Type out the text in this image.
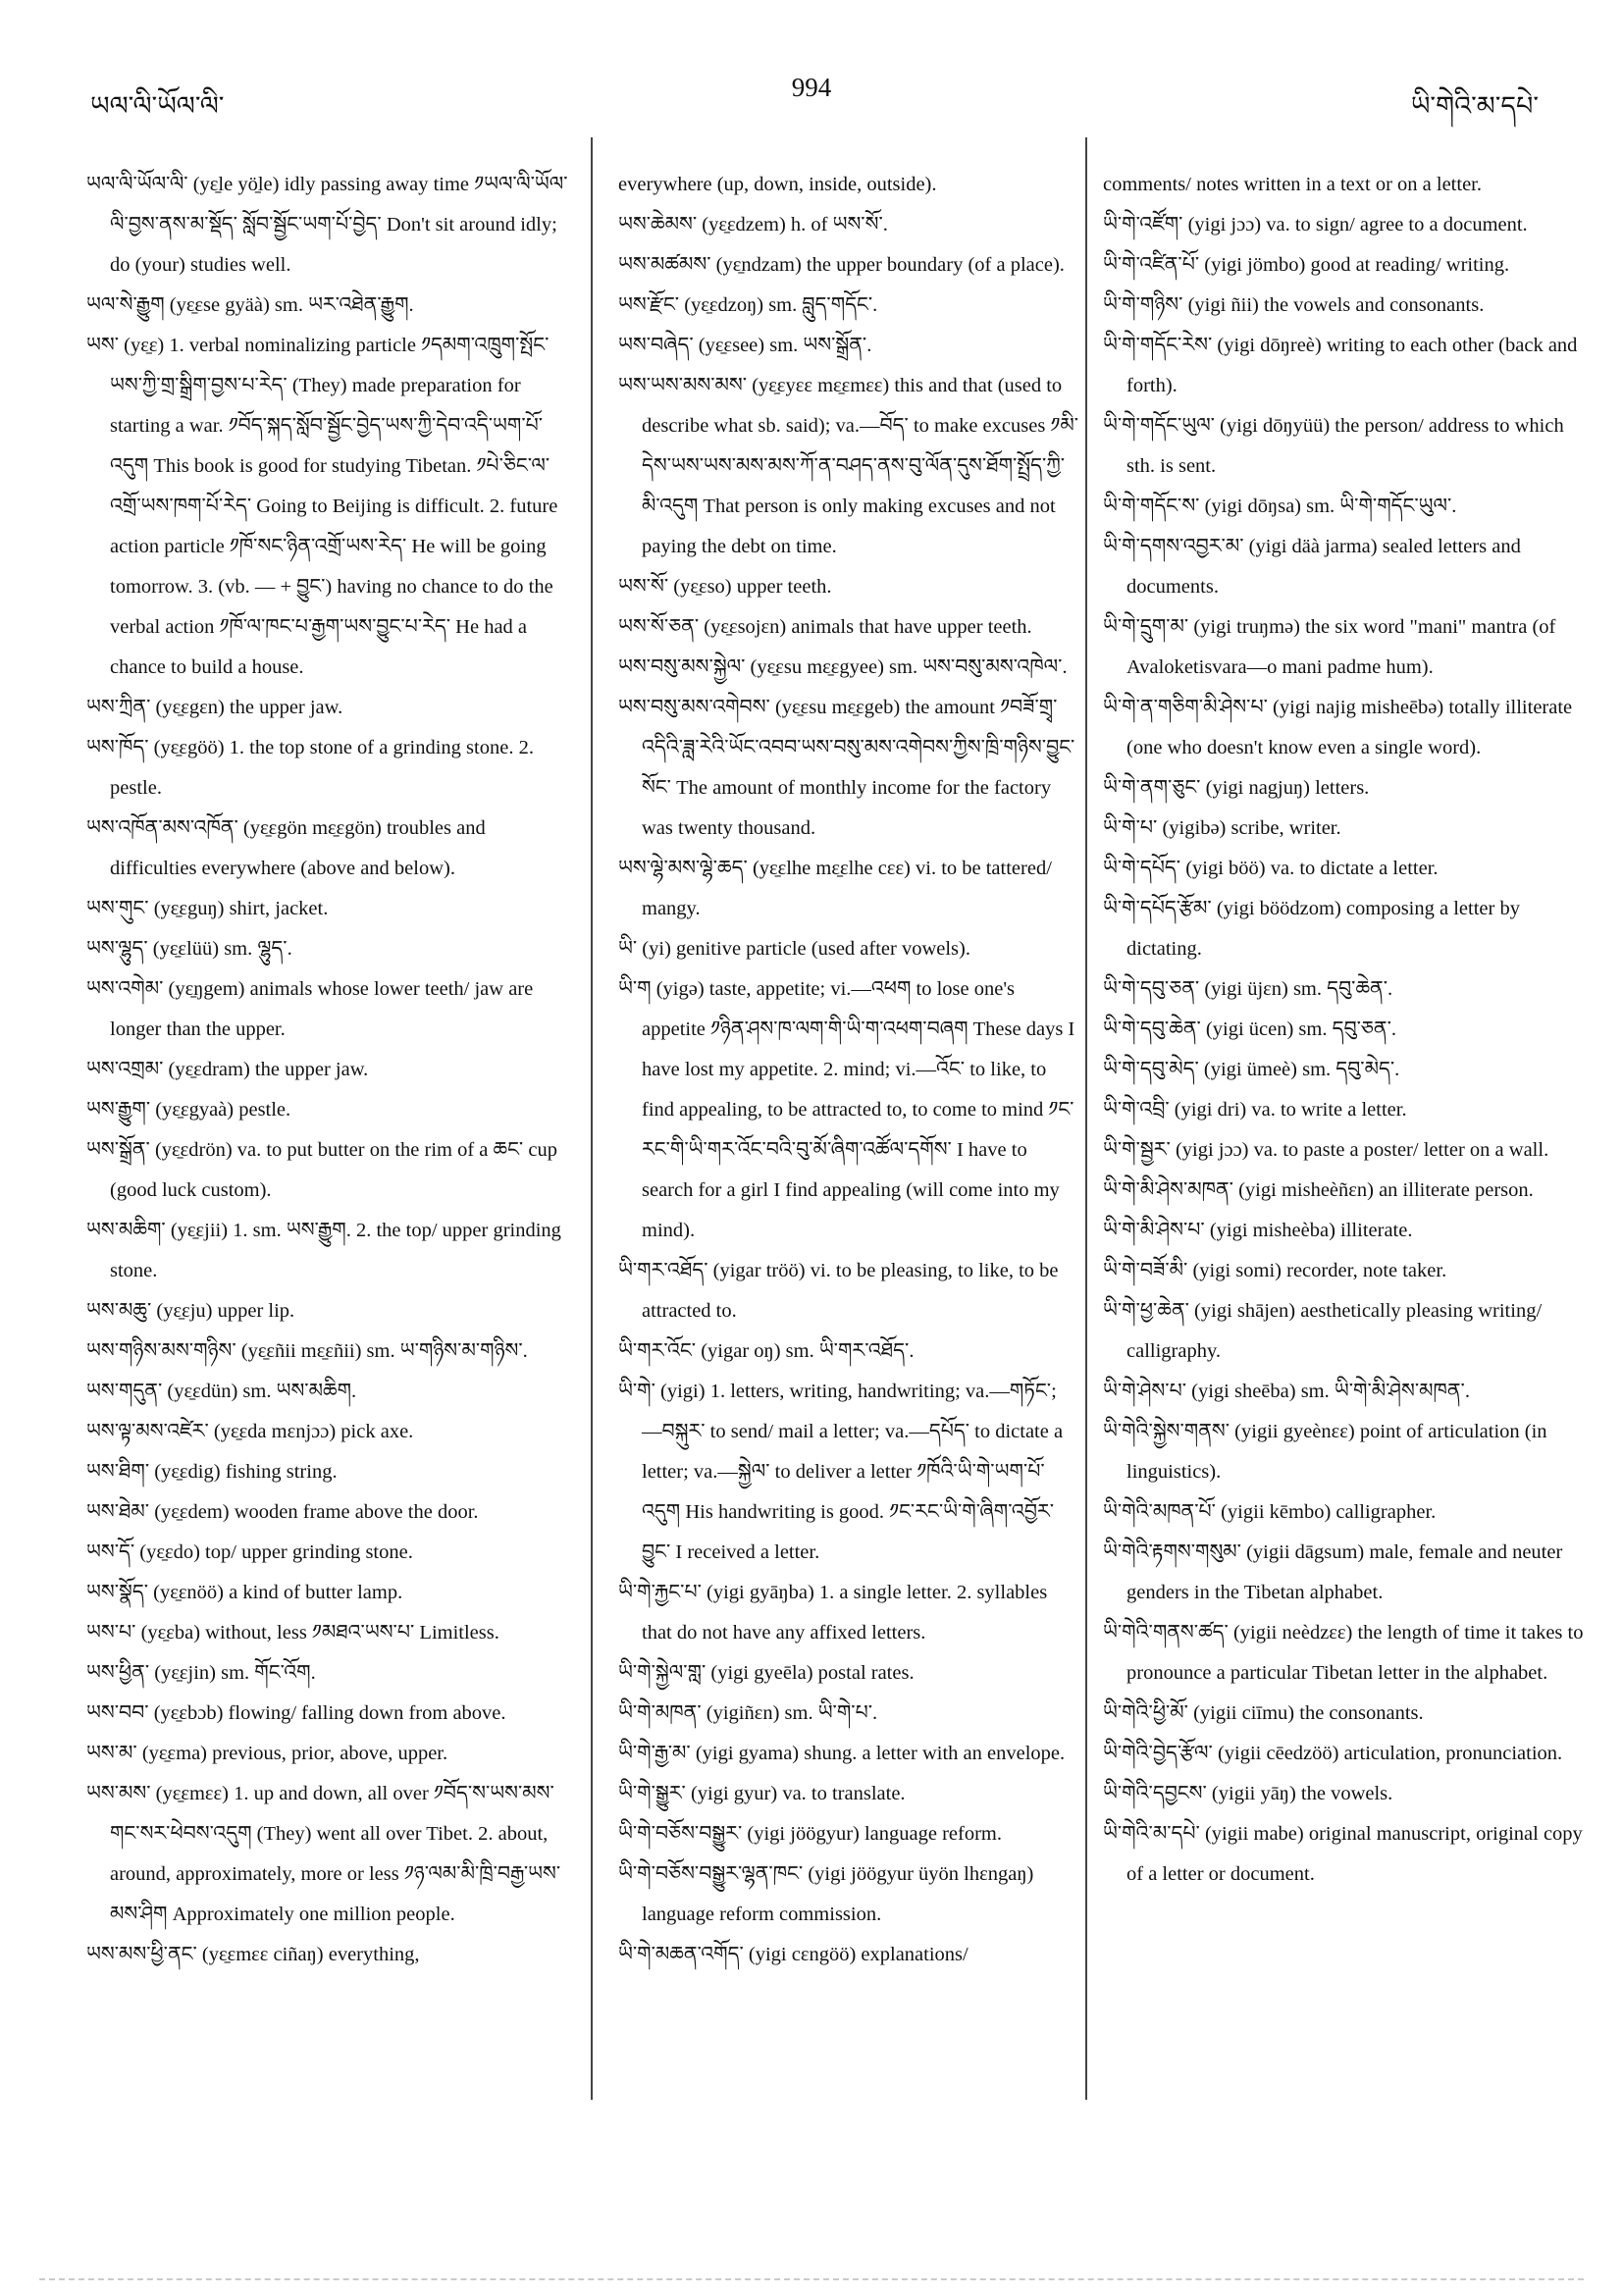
ཡལ་ལི་ཡོལ་ལི་
994
ཡི་གེའི་མ་དཔེ་
ཡལ་ལི་ཡོལ་ལི་ (yɛ̱le yö̱le) idly passing away time ༡ཡལ་ལི་ཡོལ་ལི་བྱས་ནས་མ་སྡོད་ སློབ་སྦྱོང་ཡག་པོ་བྱེད་ Don't sit around idly; do (your) studies well.
ཡལ་སེ་རྒྱུག (yɛ̱ɛse gyäà) sm. ཡར་འཐེན་རྒྱུག.
ཡས་ (yɛ̱ɛ) 1. verbal nominalizing particle ༡དམག་འཁྲུག་སྤོང་ཡས་ཀྱི་གྲ་སྒྲིག་བྱས་པ་རེད་ (They) made preparation for starting a war. ༡བོད་སྐད་སློབ་སྦྱོང་བྱེད་ཡས་ཀྱི་དེབ་འདི་ཡག་པོ་འདུག This book is good for studying Tibetan. ༡པེ་ཅིང་ལ་འགྲོ་ཡས་ཁག་པོ་རེད་ Going to Beijing is difficult. 2. future action particle ༡ཁོ་སང་ཉིན་འགྲོ་ཡས་རེད་ He will be going tomorrow. 3. (vb. — + བྱུང་) having no chance to do the verbal action ༡ཁོ་ལ་ཁང་པ་རྒྱག་ཡས་བྱུང་པ་རེད་ He had a chance to build a house.
ཡས་ཀྲིན་ (yɛ̱ɛgɛn) the upper jaw.
ཡས་ཁོད་ (yɛ̱ɛgöö) 1. the top stone of a grinding stone. 2. pestle.
ཡས་འཁོན་མས་འཁོན་ (yɛ̱ɛgön mɛ̱ɛgön) troubles and difficulties everywhere (above and below).
ཡས་གུང་ (yɛ̱ɛguŋ) shirt, jacket.
ཡས་ལྷུད་ (yɛ̱ɛlüü) sm. ལྷུད་.
ཡས་འགེམ་ (yɛ̱ŋgem) animals whose lower teeth/ jaw are longer than the upper.
ཡས་འགྲམ་ (yɛ̱ɛdram) the upper jaw.
ཡས་རྒྱུག་ (yɛ̱ɛgyaà) pestle.
ཡས་སྒྲོན་ (yɛ̱ɛdrön) va. to put butter on the rim of a ཆང་ cup (good luck custom).
ཡས་མཆིག་ (yɛ̱ɛjii) 1. sm. ཡས་རྒྱུག. 2. the top/ upper grinding stone.
ཡས་མཆུ་ (yɛ̱ɛju) upper lip.
ཡས་གཉིས་མས་གཉིས་ (yɛ̱ɛñii mɛ̱ɛñii) sm. ཡ་གཉིས་མ་གཉིས་.
ཡས་གདུན་ (yɛ̱ɛdün) sm. ཡས་མཆིག.
ཡས་ལྟ་མས་འཛེར་ (yɛ̱ɛda mɛnjɔɔ) pick axe.
ཡས་ཐིག་ (yɛ̱ɛdig) fishing string.
ཡས་ཐེམ་ (yɛ̱ɛdem) wooden frame above the door.
ཡས་དོ་ (yɛ̱ɛdo) top/ upper grinding stone.
ཡས་སྣོད་ (yɛ̱ɛnöö) a kind of butter lamp.
ཡས་པ་ (yɛ̱ɛba) without, less ༡མཐའ་ཡས་པ་ Limitless.
ཡས་ཕྱིན་ (yɛ̱ɛjin) sm. གོང་འོག.
ཡས་བབ་ (yɛ̱ɛbɔb) flowing/ falling down from above.
ཡས་མ་ (yɛ̱ɛma) previous, prior, above, upper.
ཡས་མས་ (yɛ̱ɛmɛɛ) 1. up and down, all over ༡བོད་ས་ཡས་མས་གང་སར་ཕེབས་འདུག (They) went all over Tibet. 2. about, around, approximately, more or less ༡ཉ་ལམ་མི་ཁྲི་བརྒྱ་ཡས་མས་ཤིག Approximately one million people.
ཡས་མས་ཕྱི་ནང་ (yɛ̱ɛmɛɛ ciñaŋ) everything,
everywhere (up, down, inside, outside).
ཡས་ཆེམས་ (yɛ̱ɛdzem) h. of ཡས་སོ་.
ཡས་མཚམས་ (yɛ̱ndzam) the upper boundary (of a place).
ཡས་རྫོང་ (yɛ̱ɛdzoŋ) sm. བླུད་གདོང་.
ཡས་བཞེད་ (yɛ̱ɛsee) sm. ཡས་སྒྲོན་.
ཡས་ཡས་མས་མས་ (yɛ̱ɛyɛɛ mɛ̱ɛmɛɛ) this and that (used to describe what sb. said); va.—བོད་ to make excuses ༡མི་དེས་ཡས་ཡས་མས་མས་ཀོ་ན་བཤད་ནས་བུ་ལོན་དུས་ཐོག་སྤྲོད་ཀྱི་མི་འདུག That person is only making excuses and not paying the debt on time.
ཡས་སོ་ (yɛ̱ɛso) upper teeth.
ཡས་སོ་ཅན་ (yɛ̱ɛsojɛn) animals that have upper teeth.
ཡས་བསུ་མས་སྐྱེལ་ (yɛ̱ɛsu mɛ̱ɛgyee) sm. ཡས་བསུ་མས་འཁེལ་.
ཡས་བསུ་མས་འགེབས་ (yɛ̱ɛsu mɛ̱ɛgeb) the amount ༡བཟོ་གྲྭ་འདིའི་ཟླ་རེའི་ཡོང་འབབ་ཡས་བསུ་མས་འགེབས་ཀྱིས་ཁྲི་གཉིས་བྱུང་སོང་ The amount of monthly income for the factory was twenty thousand.
ཡས་ལྷེ་མས་ལྷེ་ཆད་ (yɛ̱ɛlhe mɛ̱ɛlhe cɛɛ) vi. to be tattered/ mangy.
ཡི་ (yi) genitive particle (used after vowels).
ཡི་ག (yigə) taste, appetite; vi.—འཕག to lose one's appetite ༡ཉིན་ཤས་ཁ་ལག་གི་ཡི་ག་འཕག་བཞག These days I have lost my appetite. 2. mind; vi.—འོང་ to like, to find appealing, to be attracted to, to come to mind ༡ང་རང་གི་ཡི་གར་འོང་བའི་བུ་མོ་ཞིག་འཚོལ་དགོས་ I have to search for a girl I find appealing (will come into my mind).
ཡི་གར་འཐོད་ (yigar tröö) vi. to be pleasing, to like, to be attracted to.
ཡི་གར་འོང་ (yigar oŋ) sm. ཡི་གར་འཐོད་.
ཡི་གེ་ (yigi) 1. letters, writing, handwriting; va.—གཏོང་; —བསྐུར་ to send/ mail a letter; va.—དཔོད་ to dictate a letter; va.—སྐྱེལ་ to deliver a letter ༡ཁོའི་ཡི་གེ་ཡག་པོ་འདུག His handwriting is good. ༡ང་རང་ཡི་གེ་ཞིག་འབྱོར་བྱུང་ I received a letter.
ཡི་གེ་རྐྱང་པ་ (yigi gyāŋba) 1. a single letter. 2. syllables that do not have any affixed letters.
ཡི་གེ་སྐྱེལ་གླ་ (yigi gyeēla) postal rates.
ཡི་གེ་མཁན་ (yigiñɛn) sm. ཡི་གེ་པ་.
ཡི་གེ་རྒྱ་མ་ (yigi gyama) shung. a letter with an envelope.
ཡི་གེ་སྒྱུར་ (yigi gyur) va. to translate.
ཡི་གེ་བཅོས་བསྒྱུར་ (yigi jöögyur) language reform.
ཡི་གེ་བཅོས་བསྒྱུར་ལྷན་ཁང་ (yigi jöögyur üyön lhɛngaŋ) language reform commission.
ཡི་གེ་མཆན་འགོད་ (yigi cɛngöö) explanations/
comments/ notes written in a text or on a letter.
ཡི་གེ་འཛོག་ (yigi jɔɔ) va. to sign/ agree to a document.
ཡི་གེ་འཛིན་པོ་ (yigi jömbo) good at reading/ writing.
ཡི་གེ་གཉིས་ (yigi ñii) the vowels and consonants.
ཡི་གེ་གདོང་རེས་ (yigi dōŋreè) writing to each other (back and forth).
ཡི་གེ་གདོང་ཡུལ་ (yigi dōŋyüü) the person/ address to which sth. is sent.
ཡི་གེ་གདོང་ས་ (yigi dōŋsa) sm. ཡི་གེ་གདོང་ཡུལ་.
ཡི་གེ་དགས་འབྱར་མ་ (yigi däà jarma) sealed letters and documents.
ཡི་གེ་དྲུག་མ་ (yigi truŋmə) the six word "mani" mantra (of Avaloketisvara—o mani padme hum).
ཡི་གེ་ན་གཅིག་མི་ཤེས་པ་ (yigi najig misheēbə) totally illiterate (one who doesn't know even a single word).
ཡི་གེ་ནག་ཅུང་ (yigi nagjuŋ) letters.
ཡི་གེ་པ་ (yigibə) scribe, writer.
ཡི་གེ་དཔོད་ (yigi böö) va. to dictate a letter.
ཡི་གེ་དཔོད་རྩོམ་ (yigi böödzom) composing a letter by dictating.
ཡི་གེ་དབུ་ཅན་ (yigi üjɛn) sm. དབུ་ཆེན་.
ཡི་གེ་དབུ་ཆེན་ (yigi ücen) sm. དབུ་ཅན་.
ཡི་གེ་དབུ་མེད་ (yigi ümeè) sm. དབུ་མེད་.
ཡི་གེ་འབྲི་ (yigi dri) va. to write a letter.
ཡི་གེ་སྦྱར་ (yigi jɔɔ) va. to paste a poster/ letter on a wall.
ཡི་གེ་མི་ཤེས་མཁན་ (yigi misheèñɛn) an illiterate person.
ཡི་གེ་མི་ཤེས་པ་ (yigi misheèba) illiterate.
ཡི་གེ་བཟོ་མི་ (yigi somi) recorder, note taker.
ཡི་གེ་ཕྱ་ཆེན་ (yigi shājen) aesthetically pleasing writing/ calligraphy.
ཡི་གེ་ཤེས་པ་ (yigi sheēba) sm. ཡི་གེ་མི་ཤེས་མཁན་.
ཡི་གེའི་སྐྱེས་གནས་ (yigii gyeènɛɛ) point of articulation (in linguistics).
ཡི་གེའི་མཁན་པོ་ (yigii kēmbo) calligrapher.
ཡི་གེའི་རྟགས་གསུམ་ (yigii dāgsum) male, female and neuter genders in the Tibetan alphabet.
ཡི་གེའི་གནས་ཚད་ (yigii neèdzɛɛ) the length of time it takes to pronounce a particular Tibetan letter in the alphabet.
ཡི་གེའི་ཕྱི་མོ་ (yigii ciīmu) the consonants.
ཡི་གེའི་བྱེད་རྩོལ་ (yigii cēedzöö) articulation, pronunciation.
ཡི་གེའི་དབྱངས་ (yigii yāŋ) the vowels.
ཡི་གེའི་མ་དཔེ་ (yigii mabe) original manuscript, original copy of a letter or document.
